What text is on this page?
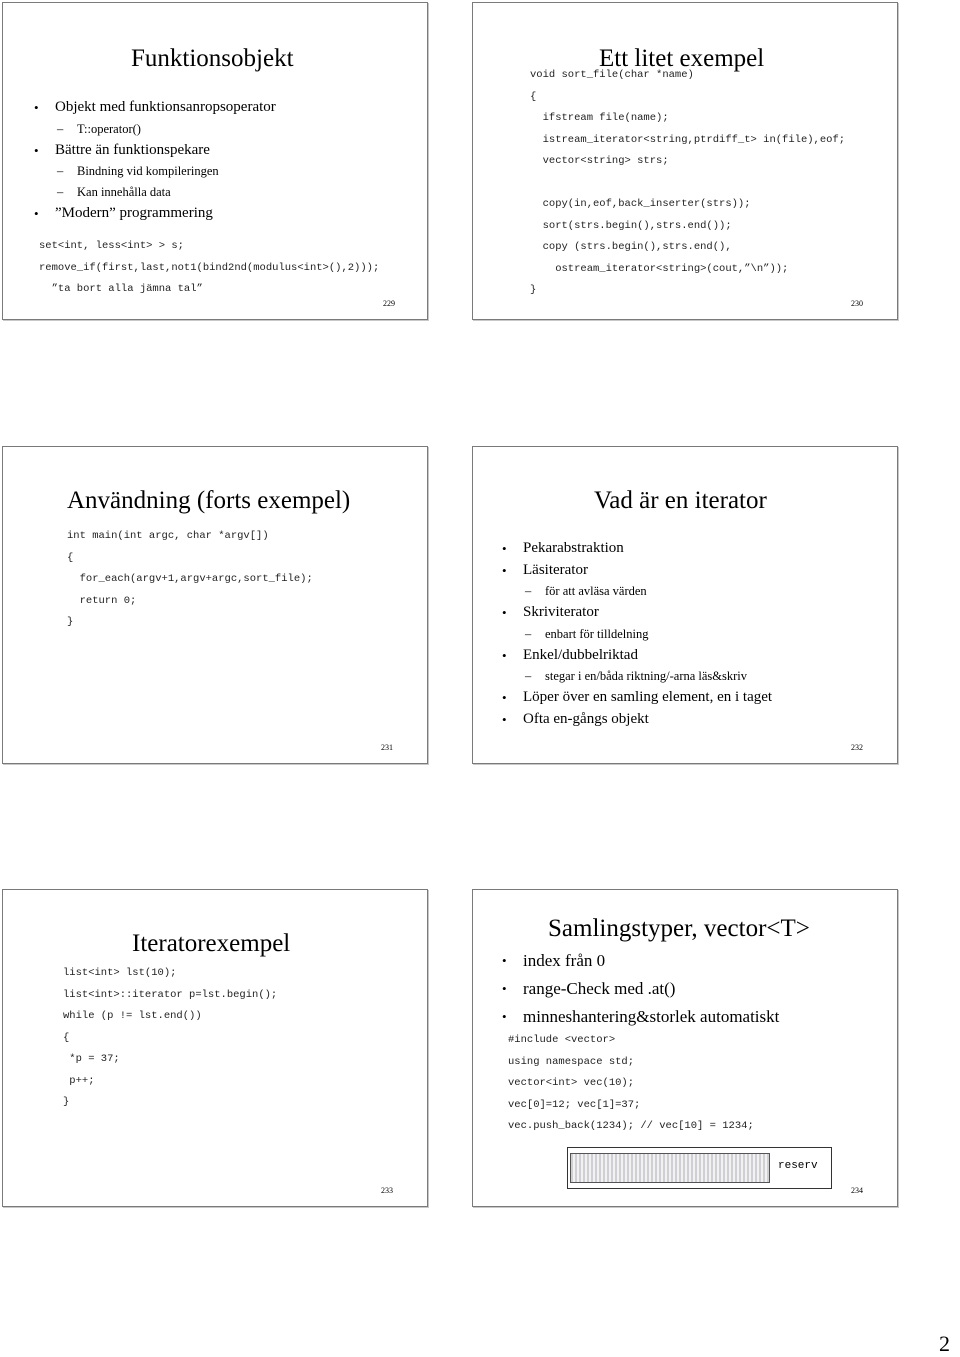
Funktionsobjekt
• Objekt med funktionsanropsoperator
– T::operator()
• Bättre än funktionspekare
– Bindning vid kompileringen
– Kan innehålla data
• ”Modern” programmering
set<int, less<int> > s;
remove_if(first,last,not1(bind2nd(modulus<int>(),2)));
”ta bort alla jämna tal”
229
Ett litet exempel
void sort_file(char *name)
{
ifstream file(name);
istream_iterator<string,ptrdiff_t> in(file),eof;
vector<string> strs;

copy(in,eof,back_inserter(strs));
sort(strs.begin(),strs.end());
copy (strs.begin(),strs.end(),
ostream_iterator<string>(cout,”\n”));
}
230
Användning (forts exempel)
int main(int argc, char *argv[])
{
for_each(argv+1,argv+argc,sort_file);
return 0;
}
231
Vad är en iterator
• Pekarabstraktion
• Läsiterator
– för att avläsa värden
• Skriviterator
– enbart för tilldelning
• Enkel/dubbelriktad
– stegar i en/båda riktning/-arna läs&skriv
• Löper över en samling element, en i taget
• Ofta en-gångs objekt
232
Iteratorexempel
list<int> lst(10);
list<int>::iterator p=lst.begin();
while (p != lst.end())
{
*p = 37;
p++;
}
233
Samlingstyper, vector<T>
• index från 0
• range-Check med .at()
• minneshantering&storlek automatiskt
#include <vector>
using namespace std;
vector<int> vec(10);
vec[0]=12; vec[1]=37;
vec.push_back(1234); // vec[10] = 1234;
reserv
234
2
